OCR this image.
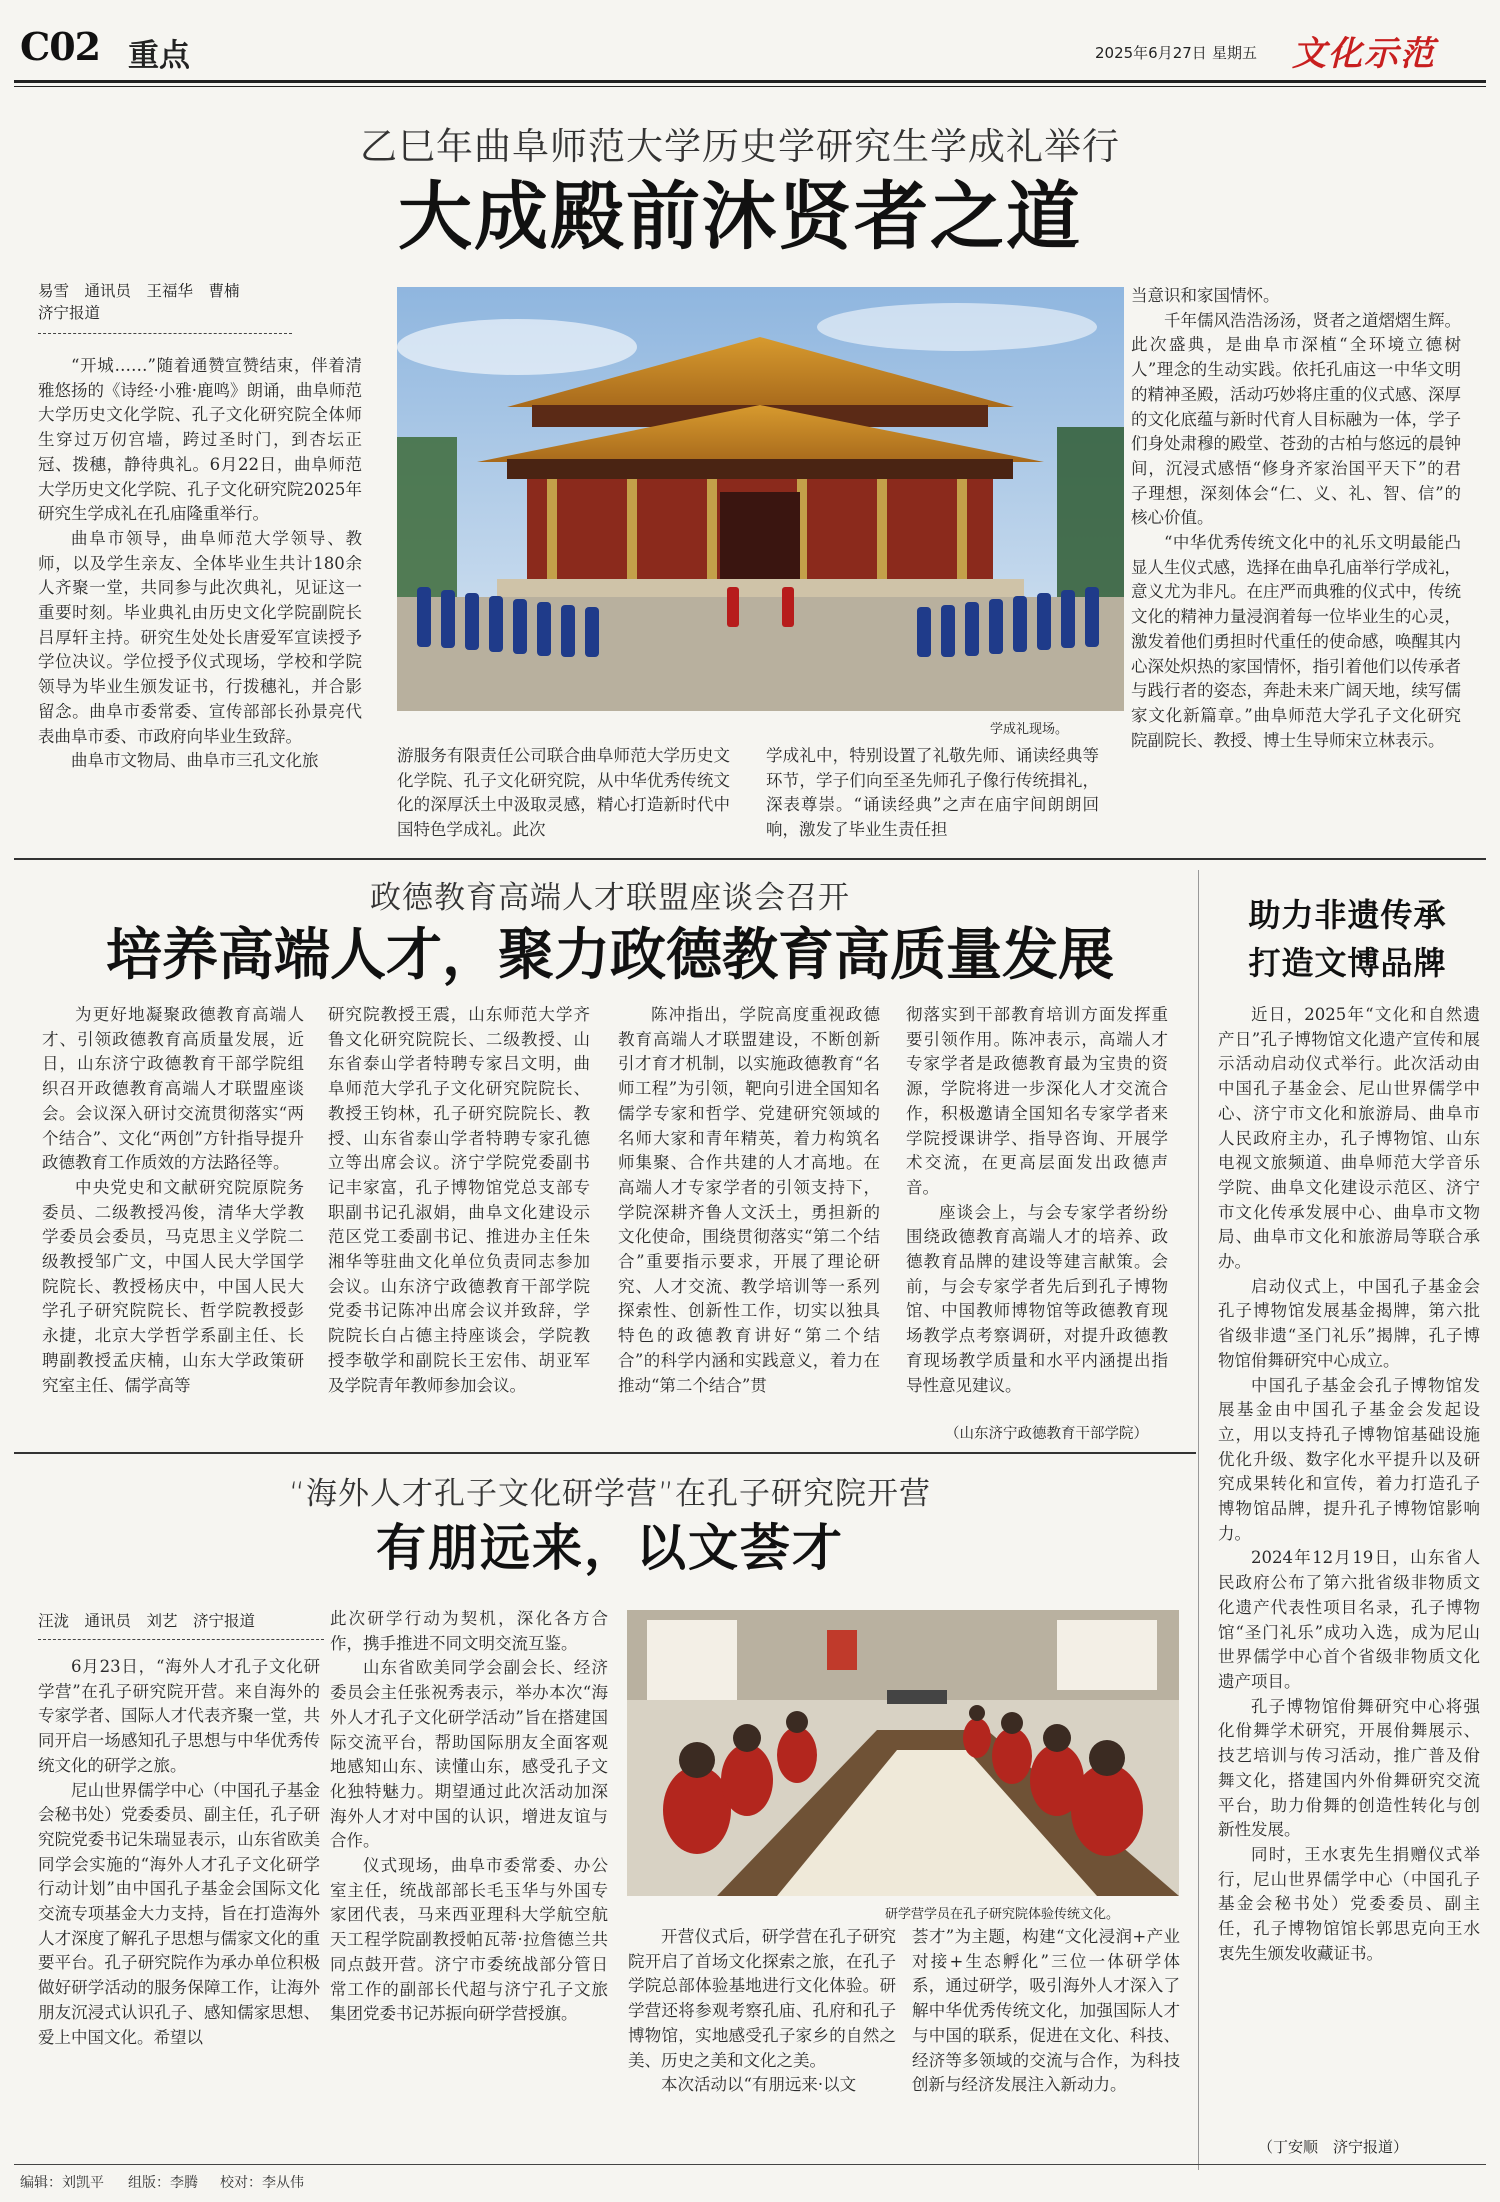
C02 重点	2025年6月27日 星期五 文化示范
乙巳年曲阜师范大学历史学研究生学成礼举行
大成殿前沐贤者之道
易雪　通讯员　王福华　曹楠
济宁报道

“开城……”随着通赞宣赞结束，伴着清雅悠扬的《诗经·小雅·鹿鸣》朗诵，曲阜师范大学历史文化学院、孔子文化研究院全体师生穿过万仞宫墙，跨过圣时门，到杏坛正冠、拨穗，静待典礼。6月22日，曲阜师范大学历史文化学院、孔子文化研究院2025年研究生学成礼在孔庙隆重举行。

曲阜市领导，曲阜师范大学领导、教师，以及学生亲友、全体毕业生共计180余人齐聚一堂，共同参与此次典礼，见证这一重要时刻。毕业典礼由历史文化学院副院长吕厚轩主持。研究生处处长唐爱军宣读授予学位决议。学位授予仪式现场，学校和学院领导为毕业生颁发证书，行拨穗礼，并合影留念。曲阜市委常委、宣传部部长孙景亮代表曲阜市委、市政府向毕业生致辞。

曲阜市文物局、曲阜市三孔文化旅

学成礼现场。

游服务有限责任公司联合曲阜师范大学历史文化学院、孔子文化研究院，从中华优秀传统文化的深厚沃土中汲取灵感，精心打造新时代中国特色学成礼。此次

学成礼中，特别设置了礼敬先师、诵读经典等环节，学子们向至圣先师孔子像行传统揖礼，深表尊崇。“诵读经典”之声在庙宇间朗朗回响，激发了毕业生责任担

当意识和家国情怀。

千年儒风浩浩汤汤，贤者之道熠熠生辉。此次盛典，是曲阜市深植“全环境立德树人”理念的生动实践。依托孔庙这一中华文明的精神圣殿，活动巧妙将庄重的仪式感、深厚的文化底蕴与新时代育人目标融为一体，学子们身处肃穆的殿堂、苍劲的古柏与悠远的晨钟间，沉浸式感悟“修身齐家治国平天下”的君子理想，深刻体会“仁、义、礼、智、信”的核心价值。

“中华优秀传统文化中的礼乐文明最能凸显人生仪式感，选择在曲阜孔庙举行学成礼，意义尤为非凡。在庄严而典雅的仪式中，传统文化的精神力量浸润着每一位毕业生的心灵，激发着他们勇担时代重任的使命感，唤醒其内心深处炽热的家国情怀，指引着他们以传承者与践行者的姿态，奔赴未来广阔天地，续写儒家文化新篇章。”曲阜师范大学孔子文化研究院副院长、教授、博士生导师宋立林表示。

政德教育高端人才联盟座谈会召开
培养高端人才，聚力政德教育高质量发展

为更好地凝聚政德教育高端人才、引领政德教育高质量发展，近日，山东济宁政德教育干部学院组织召开政德教育高端人才联盟座谈会。会议深入研讨交流贯彻落实“两个结合”、文化“两创”方针指导提升政德教育工作质效的方法路径等。

中央党史和文献研究院原院务委员、二级教授冯俊，清华大学教学委员会委员，马克思主义学院二级教授邹广文，中国人民大学国学院院长、教授杨庆中，中国人民大学孔子研究院院长、哲学院教授彭永捷，北京大学哲学系副主任、长聘副教授孟庆楠，山东大学政策研究室主任、儒学高等

研究院教授王震，山东师范大学齐鲁文化研究院院长、二级教授、山东省泰山学者特聘专家吕文明，曲阜师范大学孔子文化研究院院长、教授王钧林，孔子研究院院长、教授、山东省泰山学者特聘专家孔德立等出席会议。济宁学院党委副书记丰家富，孔子博物馆党总支部专职副书记孔淑娟，曲阜文化建设示范区党工委副书记、推进办主任朱湘华等驻曲文化单位负责同志参加会议。山东济宁政德教育干部学院党委书记陈冲出席会议并致辞，学院院长白占德主持座谈会，学院教授李敬学和副院长王宏伟、胡亚军及学院青年教师参加会议。

陈冲指出，学院高度重视政德教育高端人才联盟建设，不断创新引才育才机制，以实施政德教育“名师工程”为引领，靶向引进全国知名儒学专家和哲学、党建研究领域的名师大家和青年精英，着力构筑名师集聚、合作共建的人才高地。在高端人才专家学者的引领支持下，学院深耕齐鲁人文沃土，勇担新的文化使命，围绕贯彻落实“第二个结合”重要指示要求，开展了理论研究、人才交流、教学培训等一系列探索性、创新性工作，切实以独具特色的政德教育讲好“第二个结合”的科学内涵和实践意义，着力在推动“第二个结合”贯

彻落实到干部教育培训方面发挥重要引领作用。陈冲表示，高端人才专家学者是政德教育最为宝贵的资源，学院将进一步深化人才交流合作，积极邀请全国知名专家学者来学院授课讲学、指导咨询、开展学术交流，在更高层面发出政德声音。

座谈会上，与会专家学者纷纷围绕政德教育高端人才的培养、政德教育品牌的建设等建言献策。会前，与会专家学者先后到孔子博物馆、中国教师博物馆等政德教育现场教学点考察调研，对提升政德教育现场教学质量和水平内涵提出指导性意见建议。

（山东济宁政德教育干部学院）
助力非遗传承
打造文博品牌

近日，2025年“文化和自然遗产日”孔子博物馆文化遗产宣传和展示活动启动仪式举行。此次活动由中国孔子基金会、尼山世界儒学中心、济宁市文化和旅游局、曲阜市人民政府主办，孔子博物馆、山东电视文旅频道、曲阜师范大学音乐学院、曲阜文化建设示范区、济宁市文化传承发展中心、曲阜市文物局、曲阜市文化和旅游局等联合承办。

启动仪式上，中国孔子基金会孔子博物馆发展基金揭牌，第六批省级非遗“圣门礼乐”揭牌，孔子博物馆佾舞研究中心成立。

中国孔子基金会孔子博物馆发展基金由中国孔子基金会发起设立，用以支持孔子博物馆基础设施优化升级、数字化水平提升以及研究成果转化和宣传，着力打造孔子博物馆品牌，提升孔子博物馆影响力。

2024年12月19日，山东省人民政府公布了第六批省级非物质文化遗产代表性项目名录，孔子博物馆“圣门礼乐”成功入选，成为尼山世界儒学中心首个省级非物质文化遗产项目。

孔子博物馆佾舞研究中心将强化佾舞学术研究，开展佾舞展示、技艺培训与传习活动，推广普及佾舞文化，搭建国内外佾舞研究交流平台，助力佾舞的创造性转化与创新性发展。

同时，王水衷先生捐赠仪式举行，尼山世界儒学中心（中国孔子基金会秘书处）党委委员、副主任，孔子博物馆馆长郭思克向王水衷先生颁发收藏证书。

（丁安顺　济宁报道）
“海外人才孔子文化研学营”在孔子研究院开营
有朋远来，以文荟才
汪泷　通讯员　刘艺　济宁报道

6月23日，“海外人才孔子文化研学营”在孔子研究院开营。来自海外的专家学者、国际人才代表齐聚一堂，共同开启一场感知孔子思想与中华优秀传统文化的研学之旅。

尼山世界儒学中心（中国孔子基金会秘书处）党委委员、副主任，孔子研究院党委书记朱瑞显表示，山东省欧美同学会实施的“海外人才孔子文化研学行动计划”由中国孔子基金会国际文化交流专项基金大力支持，旨在打造海外人才深度了解孔子思想与儒家文化的重要平台。孔子研究院作为承办单位积极做好研学活动的服务保障工作，让海外朋友沉浸式认识孔子、感知儒家思想、爱上中国文化。希望以

此次研学行动为契机，深化各方合作，携手推进不同文明交流互鉴。

山东省欧美同学会副会长、经济委员会主任张祝秀表示，举办本次“海外人才孔子文化研学活动”旨在搭建国际交流平台，帮助国际朋友全面客观地感知山东、读懂山东，感受孔子文化独特魅力。期望通过此次活动加深海外人才对中国的认识，增进友谊与合作。

仪式现场，曲阜市委常委、办公室主任，统战部部长毛玉华与外国专家团代表，马来西亚理科大学航空航天工程学院副教授帕瓦蒂·拉詹德兰共同点鼓开营。济宁市委统战部分管日常工作的副部长代超与济宁孔子文旅集团党委书记苏振向研学营授旗。

研学营学员在孔子研究院体验传统文化。

开营仪式后，研学营在孔子研究院开启了首场文化探索之旅，在孔子学院总部体验基地进行文化体验。研学营还将参观考察孔庙、孔府和孔子博物馆，实地感受孔子家乡的自然之美、历史之美和文化之美。

本次活动以“有朋远来·以文

荟才”为主题，构建“文化浸润+产业对接+生态孵化”三位一体研学体系，通过研学，吸引海外人才深入了解中华优秀传统文化，加强国际人才与中国的联系，促进在文化、科技、经济等多领域的交流与合作，为科技创新与经济发展注入新动力。

编辑：刘凯平 组版：李腾 校对：李从伟
